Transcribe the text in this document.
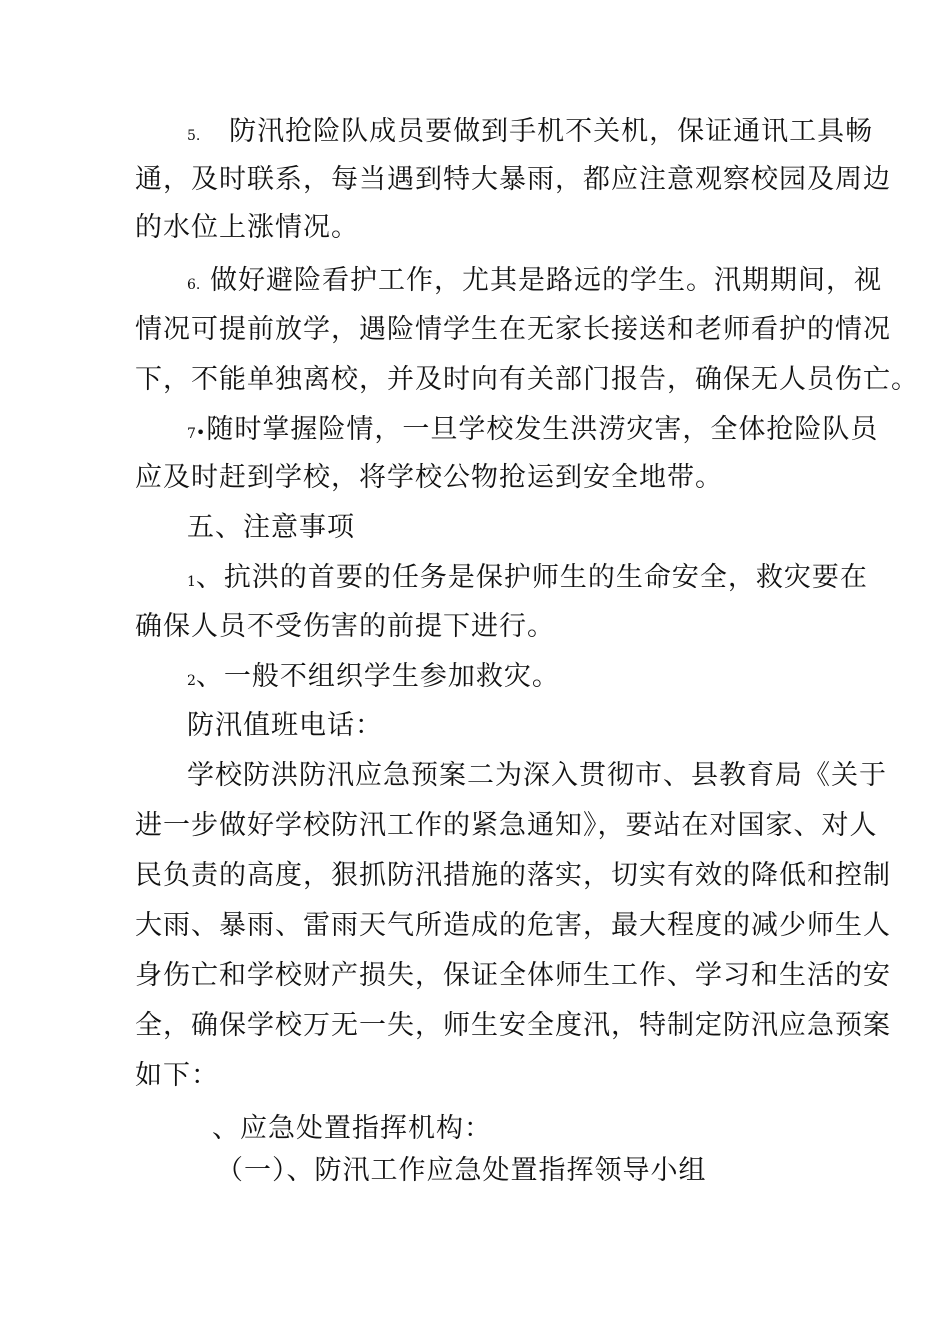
5. 防汛抢险队成员要做到手机不关机，保证通讯工具畅
通，及时联系，每当遇到特大暴雨，都应注意观察校园及周边
的水位上涨情况。
6. 做好避险看护工作，尤其是路远的学生。汛期期间，视
情况可提前放学，遇险情学生在无家长接送和老师看护的情况
下，不能单独离校，并及时向有关部门报告，确保无人员伤亡。
7•随时掌握险情，一旦学校发生洪涝灾害，全体抢险队员
应及时赶到学校，将学校公物抢运到安全地带。
五、注意事项
1、抗洪的首要的任务是保护师生的生命安全，救灾要在
确保人员不受伤害的前提下进行。
2、一般不组织学生参加救灾。
防汛值班电话：
学校防洪防汛应急预案二为深入贯彻市、县教育局《关于
进一步做好学校防汛工作的紧急通知》，要站在对国家、对人
民负责的高度，狠抓防汛措施的落实，切实有效的降低和控制
大雨、暴雨、雷雨天气所造成的危害，最大程度的减少师生人
身伤亡和学校财产损失，保证全体师生工作、学习和生活的安
全，确保学校万无一失，师生安全度汛，特制定防汛应急预案
如下：
、应急处置指挥机构：
（一）、防汛工作应急处置指挥领导小组
